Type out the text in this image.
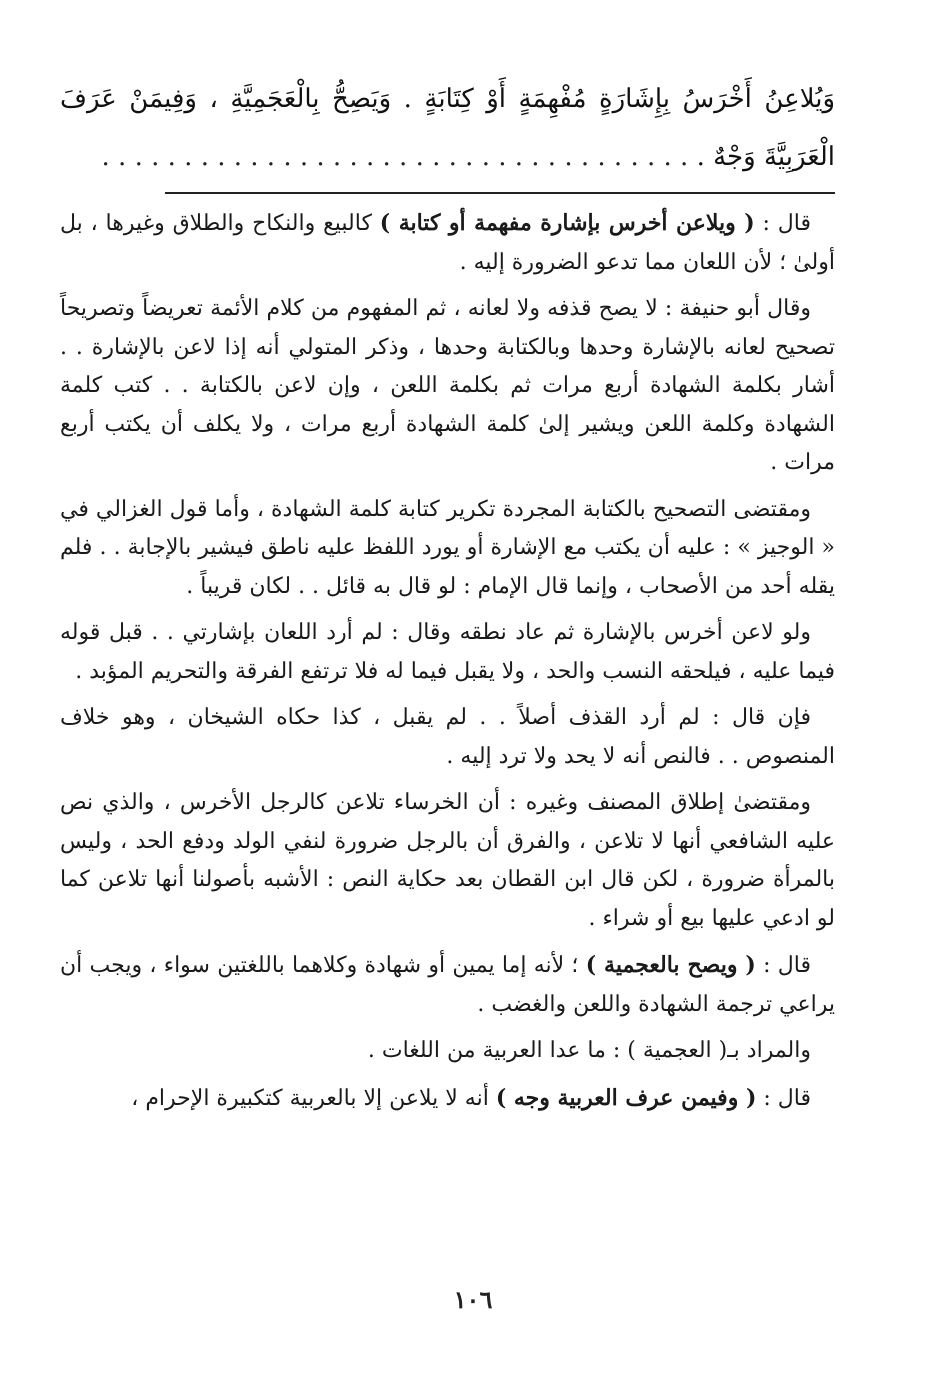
وَيُلاعِنُ أَخْرَسُ بِإِشَارَةٍ مُفْهِمَةٍ أَوْ كِتَابَةٍ . وَيَصِحُّ بِالْعَجَمِيَّةِ ، وَفِيمَنْ عَرَفَ الْعَرَبِيَّةَ وَجْهٌ . . . . . . . . . . . . . . . . . . . . . . . . . . . . . . . . . . . . .

قال : ( ويلاعن أخرس بإشارة مفهمة أو كتابة ) كالبيع والنكاح والطلاق وغيرها ، بل أولىٰ ؛ لأن اللعان مما تدعو الضرورة إليه .

وقال أبو حنيفة : لا يصح قذفه ولا لعانه ، ثم المفهوم من كلام الأئمة تعريضاً وتصريحاً تصحيح لعانه بالإشارة وحدها وبالكتابة وحدها ، وذكر المتولي أنه إذا لاعن بالإشارة . . أشار بكلمة الشهادة أربع مرات ثم بكلمة اللعن ، وإن لاعن بالكتابة . . كتب كلمة الشهادة وكلمة اللعن ويشير إلىٰ كلمة الشهادة أربع مرات ، ولا يكلف أن يكتب أربع مرات .

ومقتضى التصحيح بالكتابة المجردة تكرير كتابة كلمة الشهادة ، وأما قول الغزالي في « الوجيز » : عليه أن يكتب مع الإشارة أو يورد اللفظ عليه ناطق فيشير بالإجابة . . فلم يقله أحد من الأصحاب ، وإنما قال الإمام : لو قال به قائل . . لكان قريباً .

ولو لاعن أخرس بالإشارة ثم عاد نطقه وقال : لم أرد اللعان بإشارتي . . قبل قوله فيما عليه ، فيلحقه النسب والحد ، ولا يقبل فيما له فلا ترتفع الفرقة والتحريم المؤبد .

فإن قال : لم أرد القذف أصلاً . . لم يقبل ، كذا حكاه الشيخان ، وهو خلاف المنصوص . . فالنص أنه لا يحد ولا ترد إليه .

ومقتضىٰ إطلاق المصنف وغيره : أن الخرساء تلاعن كالرجل الأخرس ، والذي نص عليه الشافعي أنها لا تلاعن ، والفرق أن بالرجل ضرورة لنفي الولد ودفع الحد ، وليس بالمرأة ضرورة ، لكن قال ابن القطان بعد حكاية النص : الأشبه بأصولنا أنها تلاعن كما لو ادعي عليها بيع أو شراء .

قال : ( ويصح بالعجمية ) ؛ لأنه إما يمين أو شهادة وكلاهما باللغتين سواء ، ويجب أن يراعي ترجمة الشهادة واللعن والغضب .

والمراد بـ( العجمية ) : ما عدا العربية من اللغات .

قال : ( وفيمن عرف العربية وجه ) أنه لا يلاعن إلا بالعربية كتكبيرة الإحرام ،

١٠٦
